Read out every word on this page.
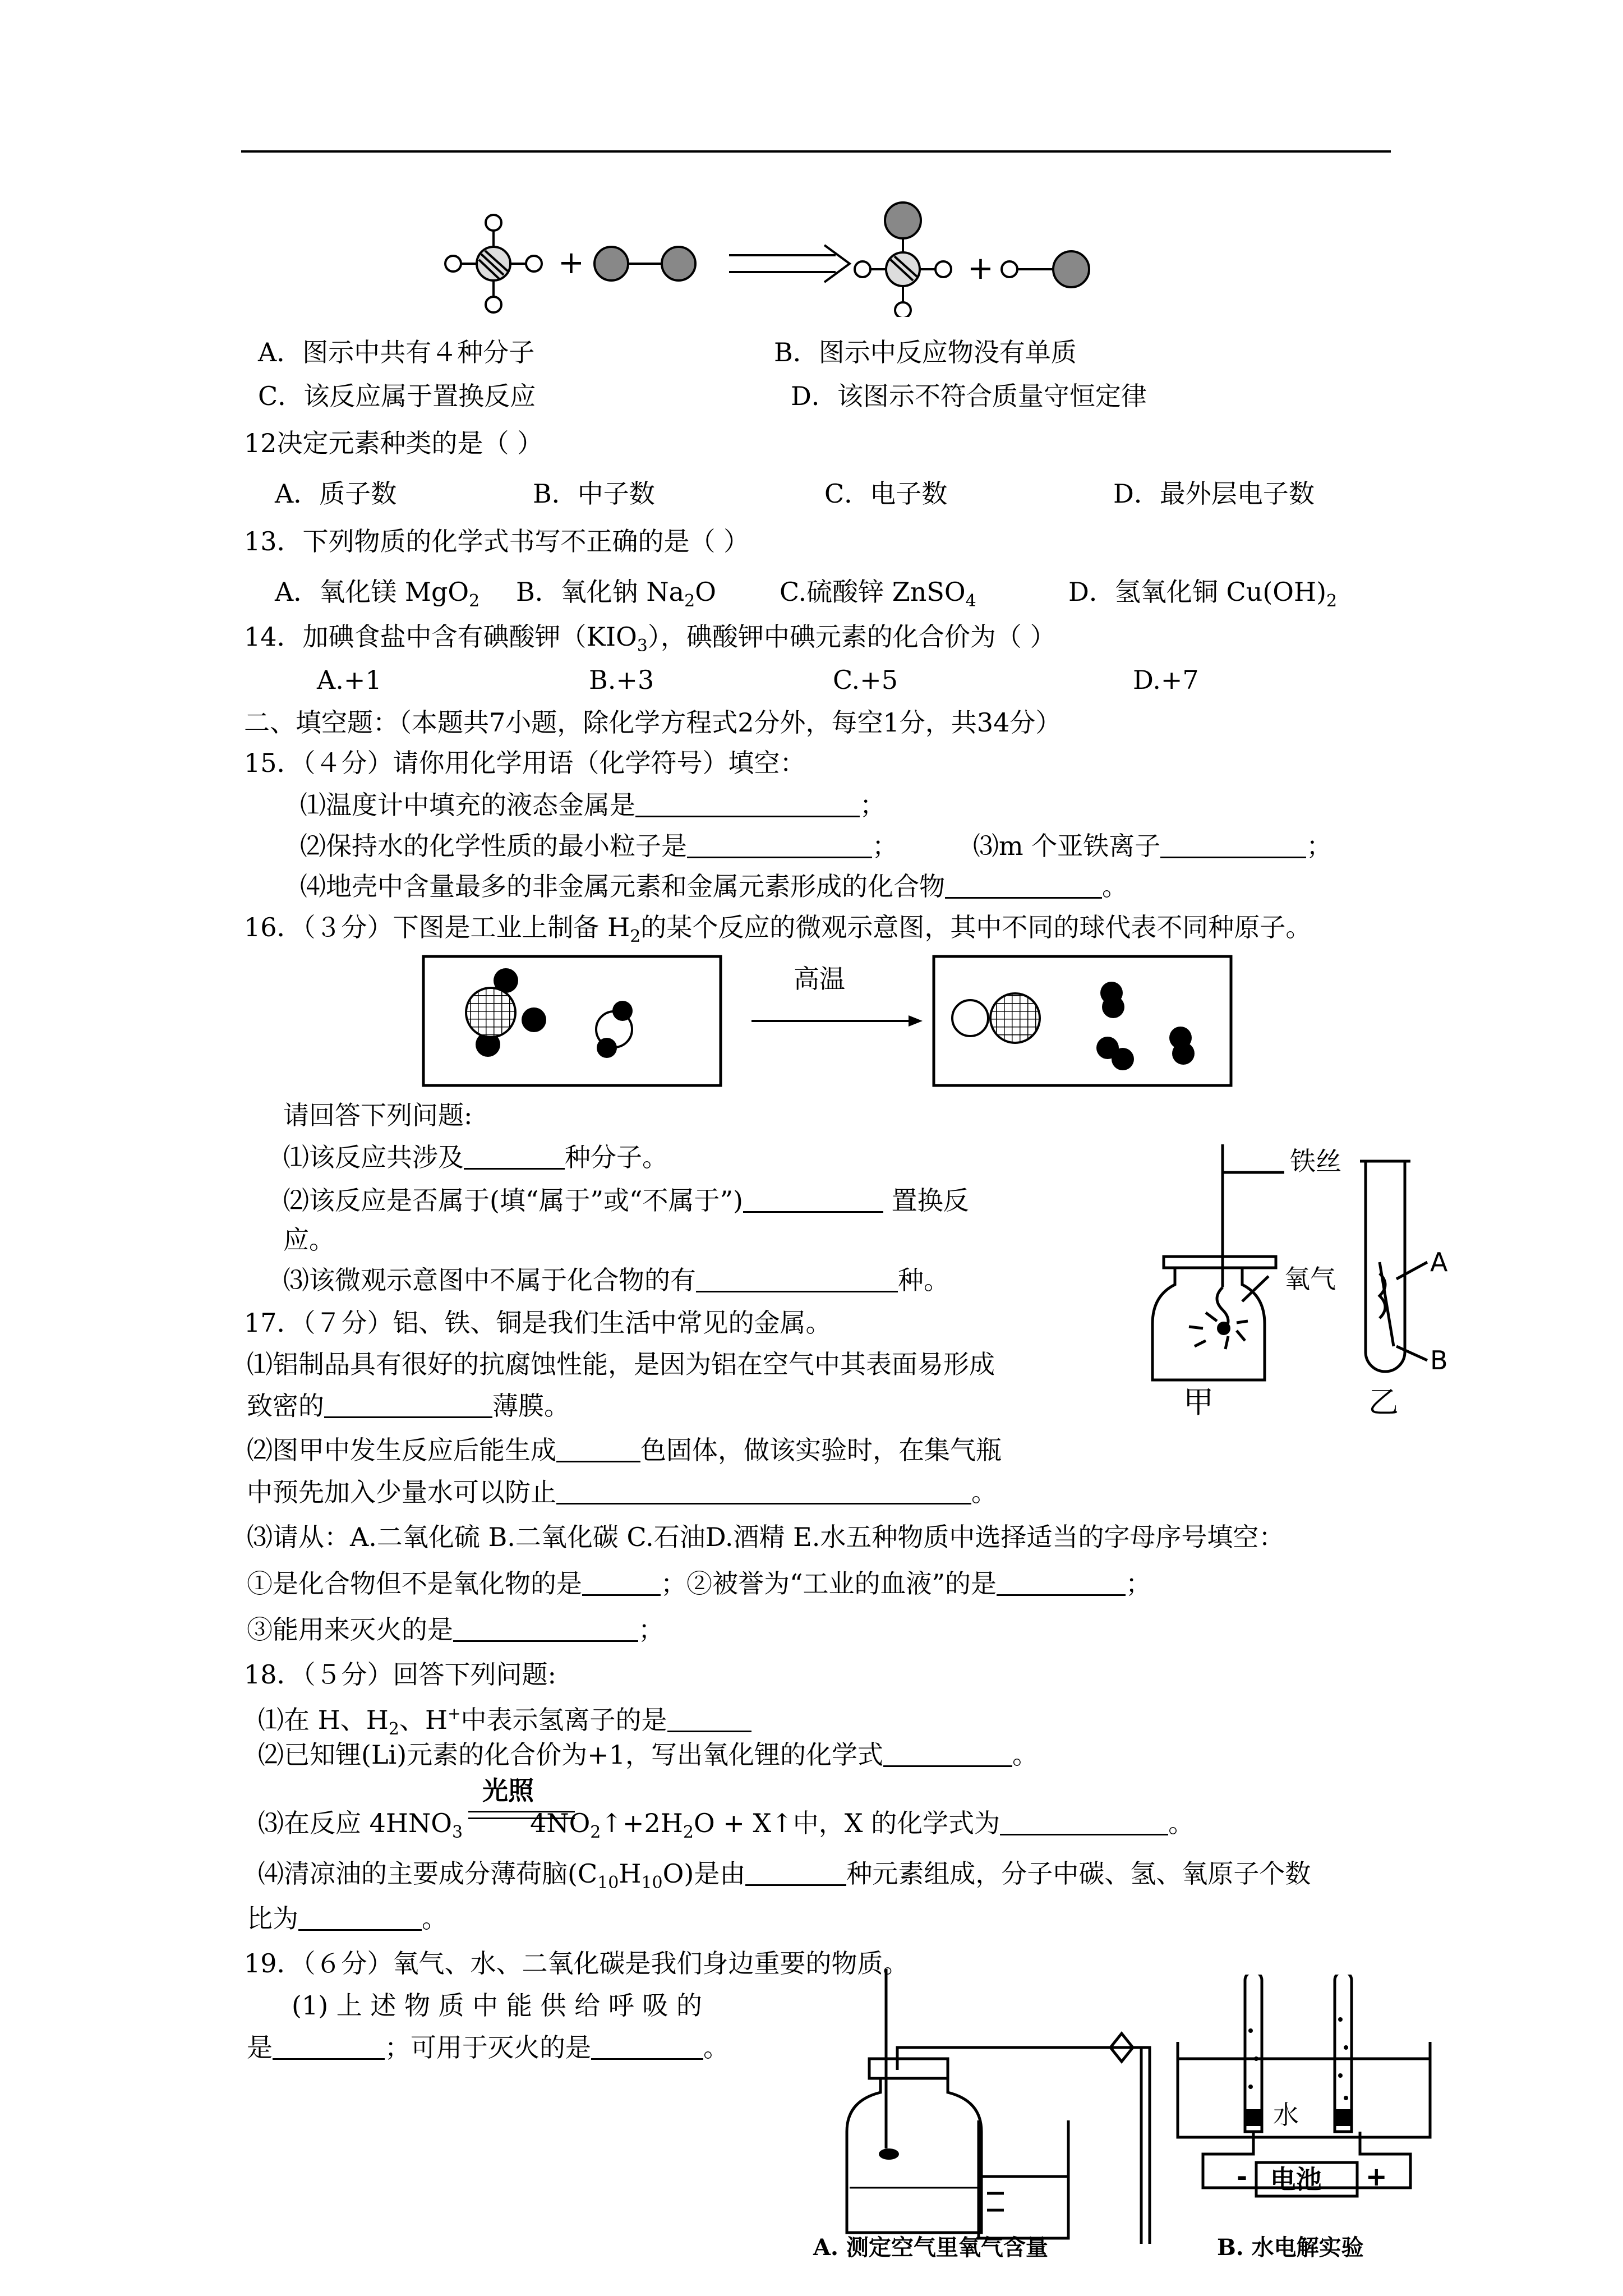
+	+
A．图示中共有４种分子	B．图示中反应物没有单质
C．该反应属于置换反应	D．该图示不符合质量守恒定律
12决定元素种类的是（ ）
A．质子数	B．中子数	C．电子数	D．最外层电子数
13．下列物质的化学式书写不正确的是（ ）
A．氧化镁 MgO$_2$ B．氧化钠 $Na_2O$ C.硫酸锌 ZnSO$_4$	D．氢氧化铜 $Cu(OH)_2$
14．加碘食盐中含有碘酸钾$(KIO_3)$，碘酸钾中碘元素的化合价为（ ）
A.+1	B.+3	C.+5	D.+7
二、填空题：（本题共7小题，除化学方程式2分外，每空1分，共34分）
15．（４分）请你用化学用语（化学符号）填空：
⑴温度计中填充的液态金属是	；
⑵保持水的化学性质的最小粒子是	；	⑶m 个亚铁离子	；
⑷地壳中含量最多的非金属元素和金属元素形成的化合物	。
16．（３分）下图是工业上制备 $H_2$的某个反应的微观示意图，其中不同的球代表不同种原子。
高温
请回答下列问题:
⑴该反应共涉及	种分子。
⑵该反应是否属于(填“属于”或“不属于”)	置换反
应。
⑶该微观示意图中不属于化合物的有	种。
铁丝
氧气
A
B
甲	乙
17．（７分）铝、铁、铜是我们生活中常见的金属。
⑴铝制品具有很好的抗腐蚀性能，是因为铝在空气中其表面易形成
致密的	薄膜。
⑵图甲中发生反应后能生成	色固体，做该实验时，在集气瓶
中预先加入少量水可以防止	。
⑶请从：A.二氧化硫 B.二氧化碳 C.石油D.酒精 E.水五种物质中选择适当的字母序号填空：
①是化合物但不是氧化物的是	；②被誉为“工业的血液”的是	；
③能用来灭火的是	；
18．（５分）回答下列问题:
⑴在 H、$H_2$、H+中表示氢离子的是
⑵已知锂(Li)元素的化合价为+1，写出氧化锂的化学式	。
光照
⑶在反应 $4HNO_3$	$4NO_2↑+2H_2O$ + X↑中，X 的化学式为	。
⑷清凉油的主要成分薄荷脑$(C_{10}H_{10}O)$是由	种元素组成，分子中碳、氢、氧原子个数
比为	。
19．（６分）氧气、水、二氧化碳是我们身边重要的物质。
(1) 上 述 物 质 中 能 供 给 呼 吸 的
是	；可用于灭火的是	。
A. 测定空气里氧气含量
水
电池
-	+
B. 水电解实验
